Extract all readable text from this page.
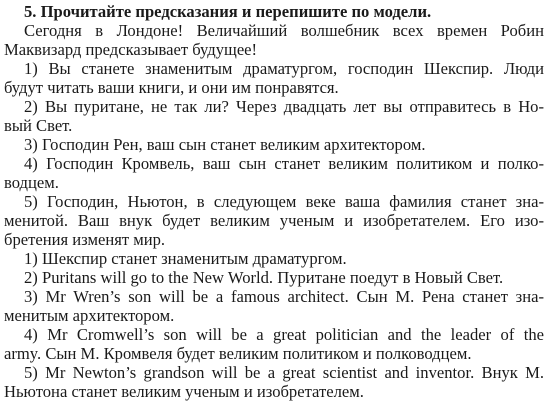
5. Прочитайте предсказания и перепишите по модели.
Сегодня в Лондоне! Величайший волшебник всех времен Робин
Маквизард предсказывает будущее!
1) Вы станете знаменитым драматургом, господин Шекспир. Люди
будут читать ваши книги, и они им понравятся.
2) Вы пуритане, не так ли? Через двадцать лет вы отправитесь в Но-
вый Свет.
3) Господин Рен, ваш сын станет великим архитектором.
4) Господин Кромвель, ваш сын станет великим политиком и полко-
водцем.
5) Господин, Ньютон, в следующем веке ваша фамилия станет зна-
менитой. Ваш внук будет великим ученым и изобретателем. Его изо-
бретения изменят мир.
1) Шекспир станет знаменитым драматургом.
2) Puritans will go to the New World. Пуритане поедут в Новый Свет.
3) Mr Wren’s son will be a famous architect. Сын М. Рена станет зна-
менитым архитектором.
4) Mr Cromwell’s son will be a great politician and the leader of the
army. Сын М. Кромвеля будет великим политиком и полководцем.
5) Mr Newton’s grandson will be a great scientist and inventor. Внук М.
Ньютона станет великим ученым и изобретателем.
